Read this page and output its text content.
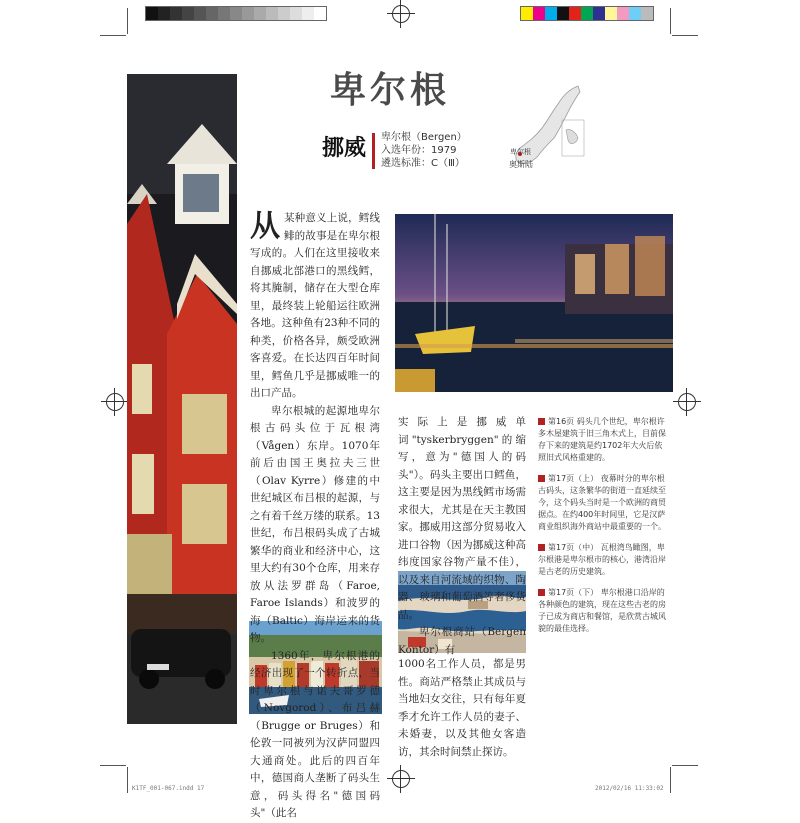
卑尔根
挪威 卑尔根（Bergen）
入选年份：1979
遴选标准：C（Ⅲ）
卑尔根
奥斯陆

从某种意义上说，鳕线鲱的故事是在卑尔根写成的。人们在这里接收来自挪威北部港口的黑线鳕，将其腌制，储存在大型仓库里，最终装上轮船运往欧洲各地。这种鱼有23种不同的种类，价格各异，颇受欧洲客喜爱。在长达四百年时间里，鳕鱼几乎是挪威唯一的出口产品。

卑尔根城的起源地卑尔根古码头位于瓦根湾（Vågen）东岸。1070年前后由国王奥拉夫三世（Olav Kyrre）修建的中世纪城区布吕根的起源，与之有着千丝万缕的联系。13世纪，布吕根码头成了古城繁华的商业和经济中心，这里大约有30个仓库，用来存放从法罗群岛（Faroe, Faroe Islands）和波罗的海（Baltic）海岸运来的货物。

1360年，卑尔根港的经济出现了一个转折点，当时卑尔根与诺夫哥罗德（Novgorod）、布吕赫（Brugge or Bruges）和伦敦一同被列为汉萨同盟四大通商处。此后的四百年中，德国商人垄断了码头生意，码头得名"德国码头"（此名

实际上是挪威单词"tyskerbryggen"的缩写，意为"德国人的码头"）。码头主要出口鳕鱼，这主要是因为黑线鳕市场需求很大，尤其是在天主教国家。挪威用这部分贸易收入进口谷物（因为挪威这种高纬度国家谷物产量不佳），以及来自河流域的织物、陶器、玻璃和葡萄酒等奢侈货品。

卑尔根商站（Bergen Kontor）有

1000名工作人员，都是男性。商站严格禁止其成员与当地妇女交往，只有每年夏季才允许工作人员的妻子、未婚妻，以及其他女客造访，其余时间禁止探访。

第16页 码头几个世纪，卑尔根许多木屋建筑于旧三角木式上，目前保存下来的建筑是约1702年大火后依照旧式风格重建的。
第17页（上） 夜幕时分的卑尔根古码头，这条繁华的街道一直延续至今，这个码头当时是一个欧洲的商贸据点。在约400年时间里，它是汉萨商业组织海外商站中最重要的一个。
第17页（中） 瓦根湾鸟瞰图，卑尔根港是卑尔根市的核心，港湾沿岸是古老的历史建筑。
第17页（下） 卑尔根港口沿岸的各种颜色的建筑，现在这些古老的房子已成为商店和餐馆，是欣赏古城风貌的最佳选择。
K1TF_001-067.indd 17	2012/02/16 11:33:02
